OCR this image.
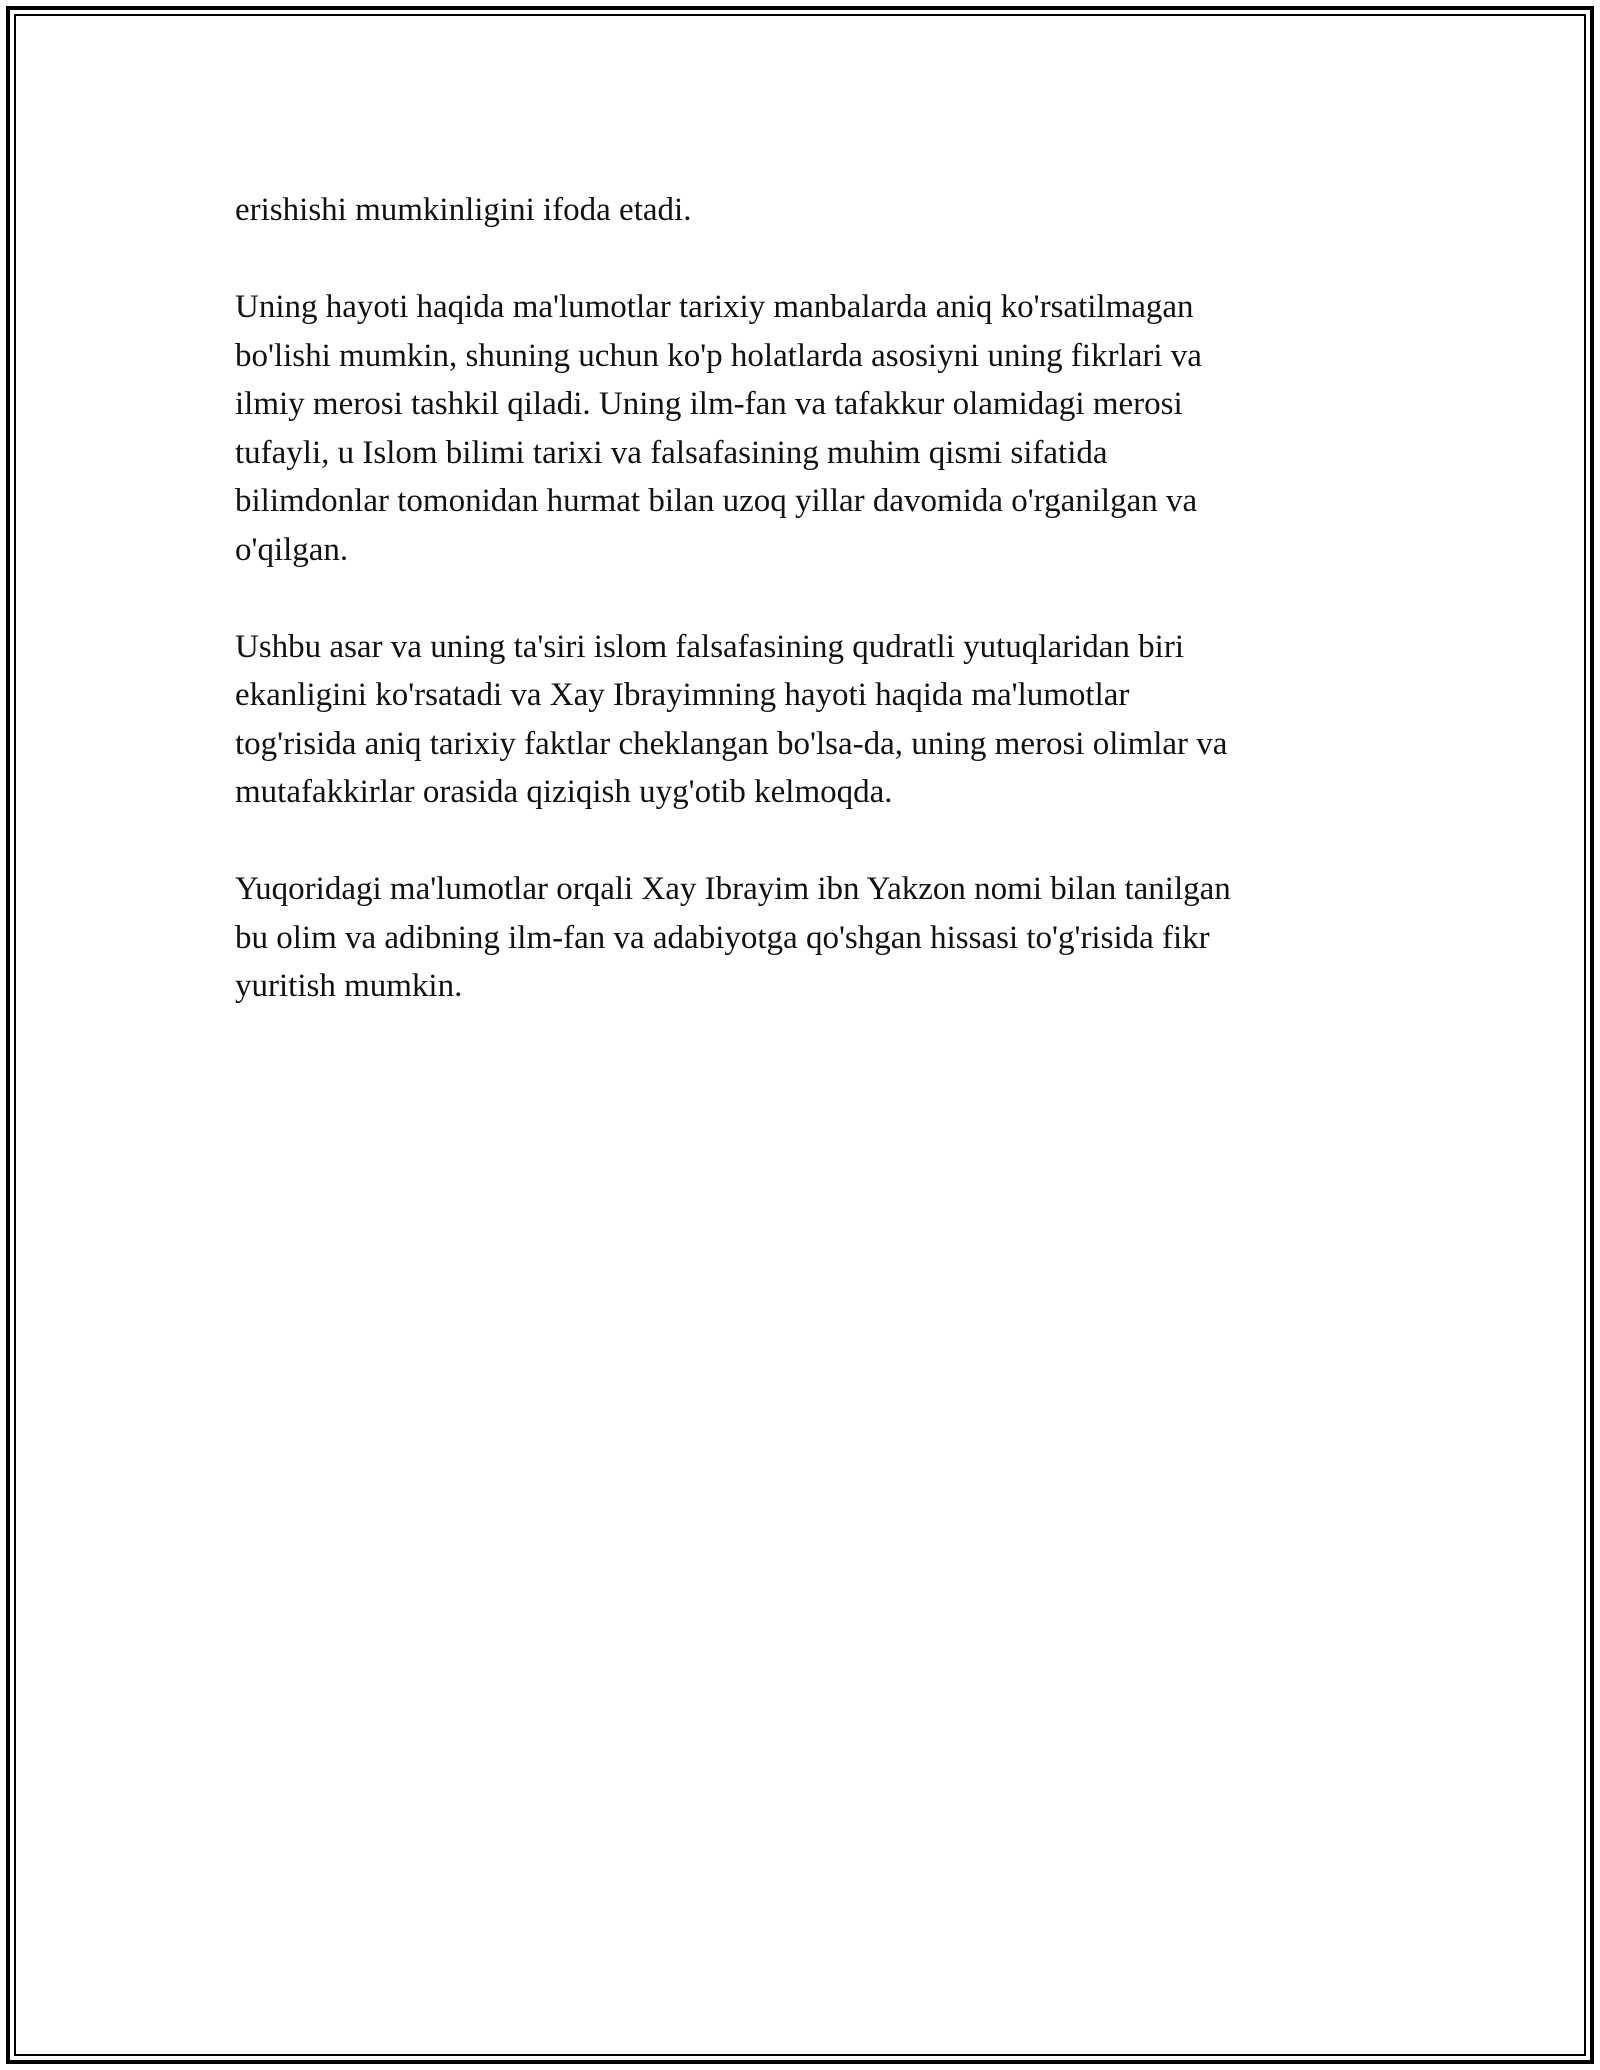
erishishi mumkinligini ifoda etadi.

Uning hayoti haqida ma'lumotlar tarixiy manbalarda aniq ko'rsatilmagan
bo'lishi mumkin, shuning uchun ko'p holatlarda asosiyni uning fikrlari va
ilmiy merosi tashkil qiladi. Uning ilm-fan va tafakkur olamidagi merosi
tufayli, u Islom bilimi tarixi va falsafasining muhim qismi sifatida
bilimdonlar tomonidan hurmat bilan uzoq yillar davomida o'rganilgan va
o'qilgan.

Ushbu asar va uning ta'siri islom falsafasining qudratli yutuqlaridan biri
ekanligini ko'rsatadi va Xay Ibrayimning hayoti haqida ma'lumotlar
tog'risida aniq tarixiy faktlar cheklangan bo'lsa-da, uning merosi olimlar va
mutafakkirlar orasida qiziqish uyg'otib kelmoqda.

Yuqoridagi ma'lumotlar orqali Xay Ibrayim ibn Yakzon nomi bilan tanilgan
bu olim va adibning ilm-fan va adabiyotga qo'shgan hissasi to'g'risida fikr
yuritish mumkin.
